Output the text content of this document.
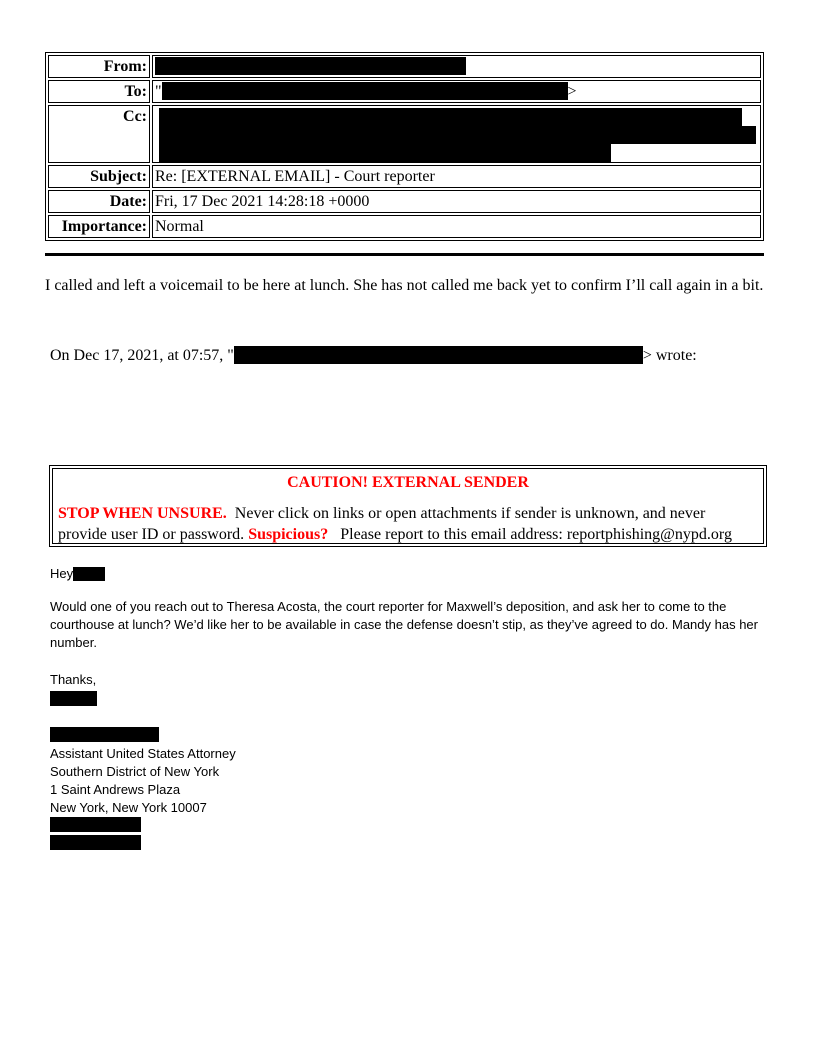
From:
To: "	>
Cc:
Subject: Re: [EXTERNAL EMAIL] - Court reporter
Date: Fri, 17 Dec 2021 14:28:18 +0000
Importance: Normal
I called and left a voicemail to be here at lunch. She has not called me back yet to confirm I’ll call again in a bit.
On Dec 17, 2021, at 07:57, "	> wrote:
CAUTION! EXTERNAL SENDER
STOP WHEN UNSURE.  Never click on links or open attachments if sender is unknown, and never provide user ID or password. Suspicious?   Please report to this email address: reportphishing@nypd.org
Hey
Would one of you reach out to Theresa Acosta, the court reporter for Maxwell’s deposition, and ask her to come to the courthouse at lunch? We’d like her to be available in case the defense doesn’t stip, as they’ve agreed to do. Mandy has her number.
Thanks,
Assistant United States Attorney
Southern District of New York
1 Saint Andrews Plaza
New York, New York 10007
